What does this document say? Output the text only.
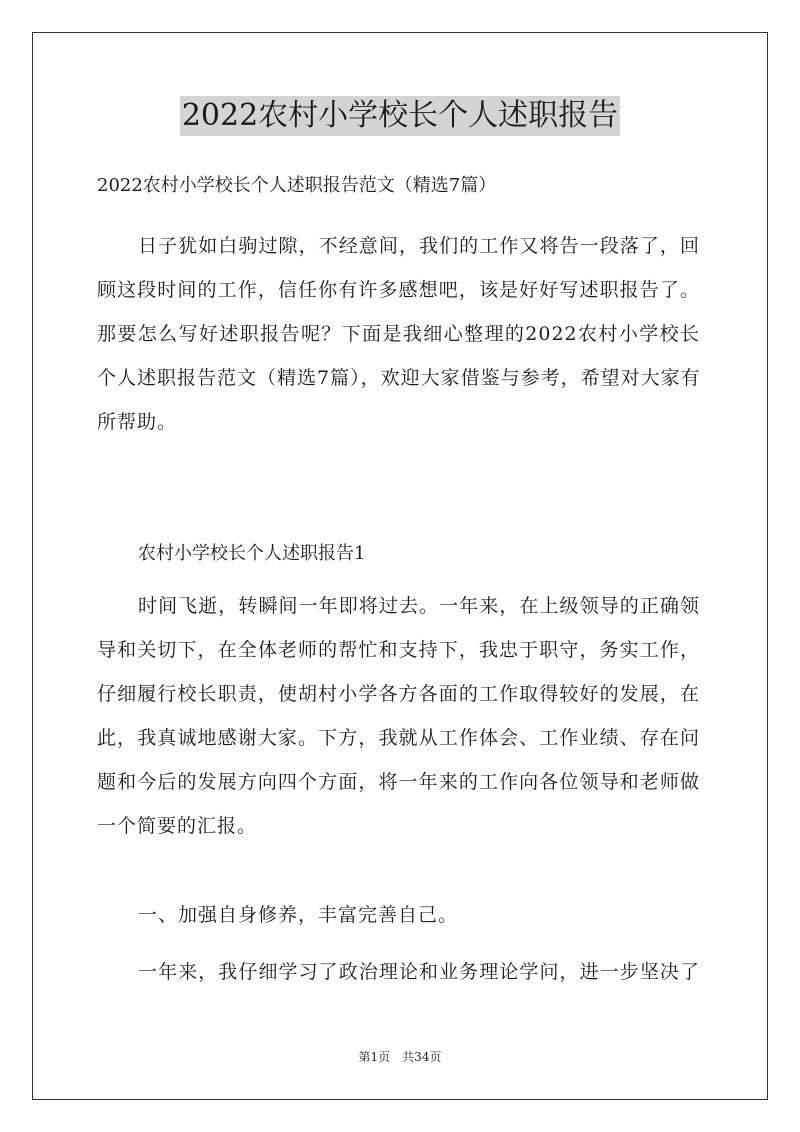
2022农村小学校长个人述职报告
2022农村小学校长个人述职报告范文（精选7篇）
日子犹如白驹过隙，不经意间，我们的工作又将告一段落了，回
顾这段时间的工作，信任你有许多感想吧，该是好好写述职报告了。
那要怎么写好述职报告呢？下面是我细心整理的2022农村小学校长
个人述职报告范文（精选7篇），欢迎大家借鉴与参考，希望对大家有
所帮助。
农村小学校长个人述职报告1
时间飞逝，转瞬间一年即将过去。一年来，在上级领导的正确领
导和关切下，在全体老师的帮忙和支持下，我忠于职守，务实工作，
仔细履行校长职责，使胡村小学各方各面的工作取得较好的发展，在
此，我真诚地感谢大家。下方，我就从工作体会、工作业绩、存在问
题和今后的发展方向四个方面，将一年来的工作向各位领导和老师做
一个简要的汇报。
一、加强自身修养，丰富完善自己。
一年来，我仔细学习了政治理论和业务理论学问，进一步坚决了
第1页　共34页
